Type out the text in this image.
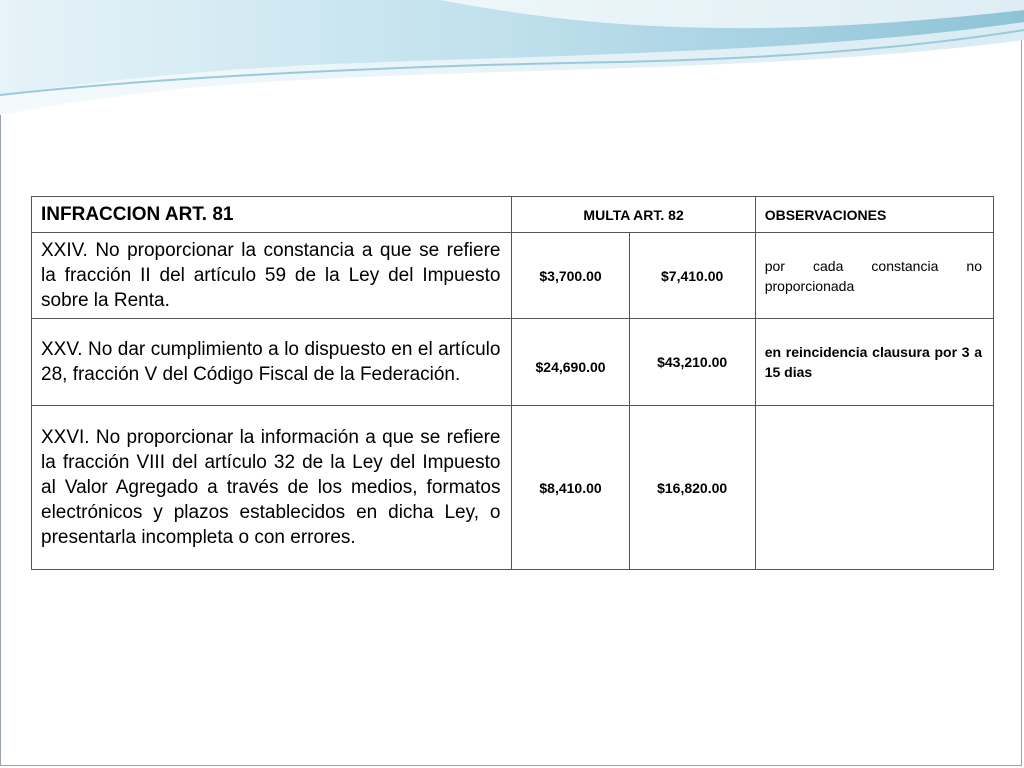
INFRACCION ART. 81	MULTA ART. 82		OBSERVACIONES
XXIV. No proporcionar la constancia a que se refiere la fracción II del artículo 59 de la Ley del Impuesto sobre la Renta.	$3,700.00	$7,410.00	por cada constancia no proporcionada
XXV. No dar cumplimiento a lo dispuesto en el artículo 28, fracción V del Código Fiscal de la Federación.	$24,690.00	$43,210.00	en reincidencia clausura por 3 a 15 dias
XXVI. No proporcionar la información a que se refiere la fracción VIII del artículo 32 de la Ley del Impuesto al Valor Agregado a través de los medios, formatos electrónicos y plazos establecidos en dicha Ley, o presentarla incompleta o con errores.	$8,410.00	$16,820.00	
